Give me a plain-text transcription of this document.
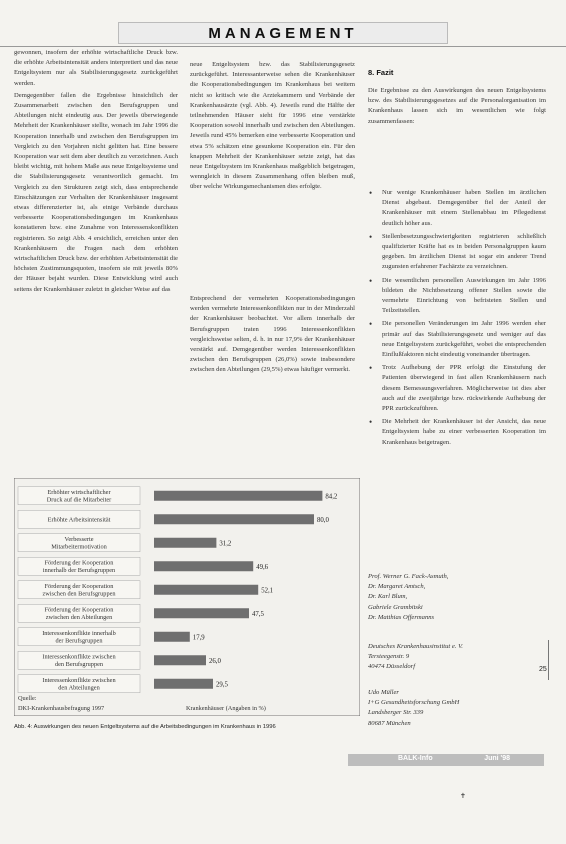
MANAGEMENT

gewonnen, insofern der erhöhte wirtschaftliche Druck bzw. die erhöhte Arbeitsintensität anders interpretiert und das neue Entgeltsystem nur als Stabilisierungsgesetz zurückgeführt werden.

Demgegenüber fallen die Ergebnisse hinsichtlich der Zusammenarbeit zwischen den Berufsgruppen und Abteilungen nicht eindeutig aus. Der jeweils überwiegende Mehrheit der Krankenhäuser stellte, wonach im Jahr 1996 die Kooperation innerhalb und zwischen den Berufsgruppen im Vergleich zu den Vorjahren nicht gelitten hat. Eine bessere Kooperation war seit dem aber deutlich zu verzeichnen. Auch bleibt wichtig, mit hohem Maße aus neue Entgeltsysteme und die Stabilisierungsgesetz verantwortlich gemacht. Im Vergleich zu den Strukturen zeigt sich, dass entsprechende Einschätzungen zur Verhalten der Krankenhäuser insgesamt etwas differenzierter ist, als einige Verbände durchaus verbesserte Kooperationsbedingungen im Krankenhaus konstatieren bzw. eine Zunahme von Interessenskonflikten registrieren. So zeigt Abb. 4 ersichtlich, erreichen unter den Krankenhäusern die Fragen nach dem erhöhten wirtschaftlichen Druck bzw. der erhöhten Arbeitsintensität die höchsten Zustimmungsquoten, insofern sie mit jeweils 80% der Häuser bejaht wurden. Diese Entwicklung wird auch seitens der Krankenhäuser zuletzt in gleicher Weise auf das

neue Entgeltsystem bzw. das Stabilisierungsgesetz zurückgeführt. Interessanterweise sehen die Krankenhäuser die Kooperationsbedingungen im Krankenhaus bei weitem nicht so kritisch wie die Arztekammern und Verbände der Krankenhausärzte (vgl. Abb. 4). Jeweils rund die Hälfte der teilnehmenden Häuser sieht für 1996 eine verstärkte Kooperation sowohl innerhalb und zwischen den Abteilungen. Jeweils rund 45% bemerken eine verbesserte Kooperation und etwa 5% schätzen eine gesunkene Kooperation ein. Für den knappen Mehrheit der Krankenhäuser setzte zeigt, hat das neue Entgeltsystem im Krankenhaus maßgeblich beigetragen, wenngleich in diesem Zusammenhang offen bleiben muß, über welche Wirkungsmechanismen dies erfolgte.

Entsprechend der vermehrten Kooperationsbedingungen werden vermehrte Interessenkonflikten nur in der Minderzahl der Krankenhäuser beobachtet. Vor allem innerhalb der Berufsgruppen traten 1996 Interessenkonflikten vergleichsweise selten, d. h. in nur 17,9% der Krankenhäuser verstärkt auf. Demgegenüber werden Interessenkonflikten zwischen den Berufsgruppen (26,0%) sowie insbesondere zwischen den Abteilungen (29,5%) etwas häufiger vermerkt.

8. Fazit

Die Ergebnisse zu den Auswirkungen des neuen Entgeltsystems bzw. des Stabilisierungsgesetzes auf die Personalorganisation im Krankenhaus lassen sich im wesentlichen wie folgt zusammenfassen:

• Nur wenige Krankenhäuser haben Stellen im ärztlichen Dienst abgebaut. Demgegenüber fiel der Anteil der Krankenhäuser mit einem Stellenabbau im Pflegedienst deutlich höher aus.
• Stellenbesetzungsschwierigkeiten registrieren schließlich qualifizierter Kräfte hat es in beiden Personalgruppen kaum gegeben. Im ärztlichen Dienst ist sogar ein anderer Trend zugunsten erfahrener Fachärzte zu verzeichnen.
• Die wesentlichen personellen Auswirkungen im Jahr 1996 bildeten die Nichtbesetzung offener Stellen sowie die vermehrte Einrichtung von befristeten Stellen und Teilzeitstellen.
• Die personellen Veränderungen im Jahr 1996 werden eher primär auf das Stabilisierungsgesetz und weniger auf das neue Entgeltsystem zurückgeführt, wobei die entsprechenden Einflußfaktoren nicht eindeutig voneinander übertragen.
• Trotz Aufhebung der PPR erfolgt die Einstufung der Patienten überwiegend in fast allen Krankenhäusern nach diesem Bemessungsverfahren. Möglicherweise ist dies aber auch auf die zweijährige bzw. rückwirkende Aufhebung der PPR zurückzuführen.
• Die Mehrheit der Krankenhäuser ist der Ansicht, das neue Entgeltsystem habe zu einer verbesserten Kooperation im Krankenhaus beigetragen.
Prof. Werner G. Fack-Asmuth,
Dr. Margaret Amtsch,
Dr. Karl Blum,
Gabriele Grambitski
Dr. Matthias Offermanns
Deutsches Krankenhausinstitut e. V.
Tersteegenstr. 9
40474 Düsseldorf
Udo Müller
I+G Gesundheitsforschung GmbH
Landsberger Str. 339
80687 München
25
Erhöhter wirtschaftlicher Druck auf die Mitarbeiter
Erhöhte Arbeitsintensität
Verbesserte Mitarbeitermotivation
Förderung der Kooperation innerhalb der Berufsgruppen
Förderung der Kooperation zwischen den Berufsgruppen
Förderung der Kooperation zwischen den Abteilungen
Interessenkonflikte innerhalb der Berufsgruppen
Interessenkonflikte zwischen den Berufsgruppen
Interessenkonflikte zwischen den Abteilungen
84,2
80,0
31,2
49,6
52,1
47,5
17,9
26,0
29,5
Quelle:
DKI-Krankenhausbefragung 1997	Krankenhäuser (Angaben in %)
Abb. 4: Auswirkungen des neuen Entgeltsystems auf die Arbeitsbedingungen im Krankenhaus in 1996
BALK-Info	Juni '98
✝
